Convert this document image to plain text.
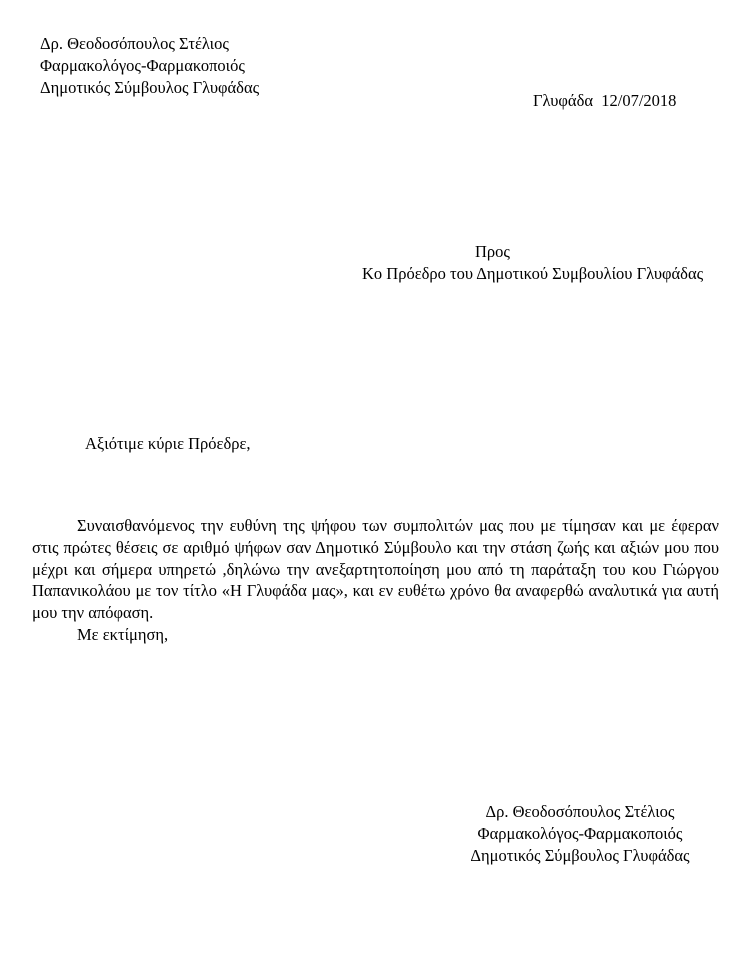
Δρ. Θεοδοσόπουλος Στέλιος
Φαρμακολόγος-Φαρμακοποιός
Δημοτικός Σύμβουλος Γλυφάδας
Γλυφάδα  12/07/2018
Προς
Κο Πρόεδρο του Δημοτικού Συμβουλίου Γλυφάδας
Αξιότιμε κύριε Πρόεδρε,

Συναισθανόμενος την ευθύνη της ψήφου των συμπολιτών μας που με τίμησαν και με έφεραν στις πρώτες θέσεις σε αριθμό ψήφων σαν Δημοτικό Σύμβουλο και την στάση ζωής και αξιών μου που μέχρι και σήμερα υπηρετώ ,δηλώνω την ανεξαρτητοποίηση μου από τη παράταξη του κου Γιώργου Παπανικολάου με τον τίτλο «Η Γλυφάδα μας», και εν ευθέτω χρόνο θα αναφερθώ αναλυτικά για αυτή μου την απόφαση.

Με εκτίμηση,

Δρ. Θεοδοσόπουλος Στέλιος
Φαρμακολόγος-Φαρμακοποιός
Δημοτικός Σύμβουλος Γλυφάδας
